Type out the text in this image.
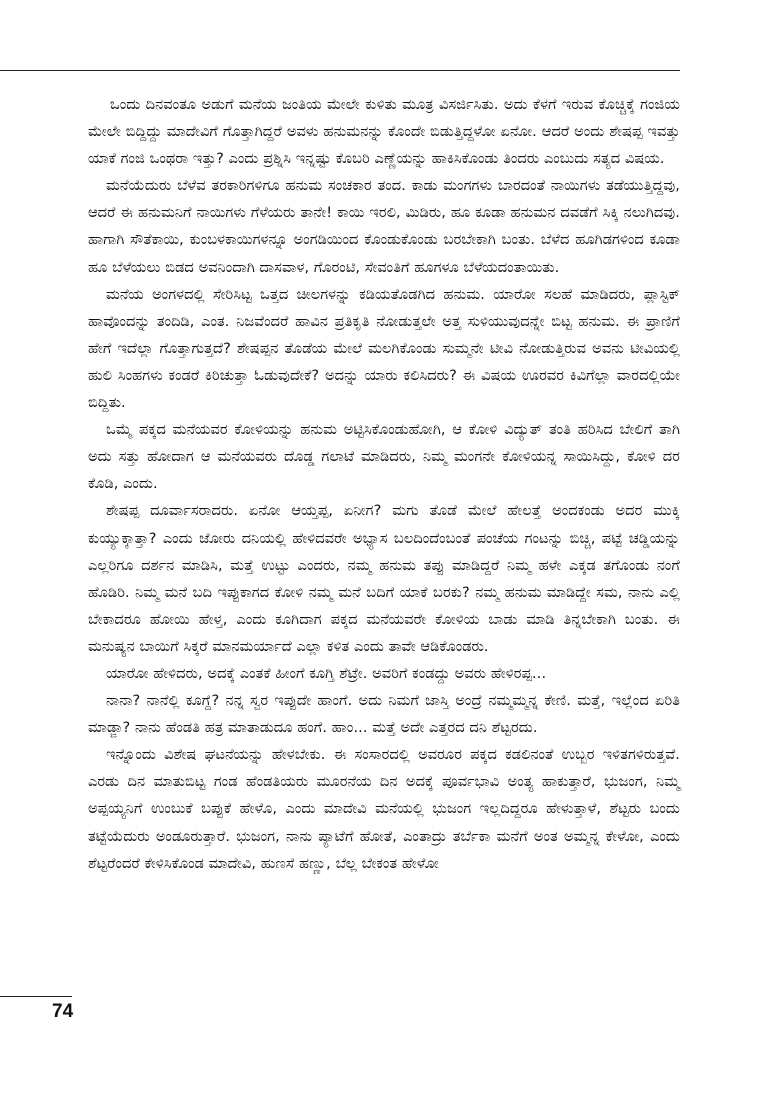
ಒಂದು ದಿನವಂತೂ ಅಡುಗೆ ಮನೆಯ ಜಂತಿಯ ಮೇಲೇ ಕುಳಿತು ಮೂತ್ರ ವಿಸರ್ಜಿಸಿತು. ಅದು ಕೆಳಗೆ ಇರುವ ಕೊಚ್ಚಿಕ್ಕೆ ಗಂಜಿಯ ಮೇಲೇ ಬಿದ್ದಿದ್ದು ಮಾದೇವಿಗೆ ಗೊತ್ತಾಗಿದ್ದರೆ ಅವಳು ಹನುಮನನ್ನು ಕೊಂದೇ ಬಿಡುತ್ತಿದ್ದಳೋ ಏನೋ. ಆದರೆ ಅಂದು ಶೇಷಪ್ಪ ಇವತ್ತು ಯಾಕೆ ಗಂಜಿ ಒಂಥರಾ ಇತ್ತು? ಎಂದು ಪ್ರಶ್ನಿಸಿ ಇನ್ನಷ್ಟು ಕೊಬರಿ ಎಣ್ಣೆಯನ್ನು ಹಾಕಿಸಿಕೊಂಡು ತಿಂದರು ಎಂಬುದು ಸತ್ಯದ ವಿಷಯ.

ಮನೆಯೆದುರು ಬೆಳೆವ ತರಕಾರಿಗಳಿಗೂ ಹನುಮ ಸಂಚಕಾರ ತಂದ. ಕಾಡು ಮಂಗಗಳು ಬಾರದಂತೆ ನಾಯಿಗಳು ತಡೆಯುತ್ತಿದ್ದವು, ಆದರೆ ಈ ಹನುಮನಿಗೆ ನಾಯಿಗಳು ಗೆಳೆಯರು ತಾನೇ! ಕಾಯಿ ಇರಲಿ, ಮಿಡಿರು, ಹೂ ಕೂಡಾ ಹನುಮನ ದವಡೆಗೆ ಸಿಕ್ಕಿ ನಲುಗಿದವು. ಹಾಗಾಗಿ ಸೌತೆಕಾಯಿ, ಕುಂಬಳಕಾಯಿಗಳನ್ನೂ ಅಂಗಡಿಯಿಂದ ಕೊಂಡುಕೊಂಡು ಬರಬೇಕಾಗಿ ಬಂತು. ಬೆಳೆದ ಹೂಗಿಡಗಳಿಂದ ಕೂಡಾ ಹೂ ಬೆಳೆಯಲು ಬಿಡದ ಅವನಿಂದಾಗಿ ದಾಸವಾಳ, ಗೊರಂಟಿ, ಸೇವಂತಿಗೆ ಹೂಗಳೂ ಬೆಳೆಯದಂತಾಯಿತು.

ಮನೆಯ ಅಂಗಳದಲ್ಲಿ ಸೇರಿಸಿಟ್ಟ ಒತ್ತದ ಚೀಲಗಳನ್ನು ಕಡಿಯತೊಡಗಿದ ಹನುಮ. ಯಾರೋ ಸಲಹೆ ಮಾಡಿದರು, ಪ್ಲಾಸ್ಟಿಕ್ ಹಾವೊಂದನ್ನು ತಂದಿಡಿ, ಎಂತ. ನಿಜವೆಂದರೆ ಹಾವಿನ ಪ್ರತಿಕೃತಿ ನೋಡುತ್ತಲೇ ಅತ್ತ ಸುಳಿಯುವುದನ್ನೇ ಬಿಟ್ಟ ಹನುಮ. ಈ ಪ್ರಾಣಿಗೆ ಹೇಗೆ ಇದೆಲ್ಲಾ ಗೊತ್ತಾಗುತ್ತದೆ? ಶೇಷಪ್ಪನ ತೊಡೆಯ ಮೇಲೆ ಮಲಗಿಕೊಂಡು ಸುಮ್ಮನೇ ಟೀವಿ ನೋಡುತ್ತಿರುವ ಅವನು ಟೀವಿಯಲ್ಲಿ ಹುಲಿ ಸಿಂಹಗಳು ಕಂಡರೆ ಕಿರಿಚುತ್ತಾ ಓಡುವುದೇಕೆ? ಅದನ್ನು ಯಾರು ಕಲಿಸಿದರು? ಈ ವಿಷಯ ಊರವರ ಕಿವಿಗೆಲ್ಲಾ ವಾರದಲ್ಲಿಯೇ ಬಿದ್ದಿತು.

ಒಮ್ಮೆ ಪಕ್ಕದ ಮನೆಯವರ ಕೋಳಿಯನ್ನು ಹನುಮ ಅಟ್ಟಿಸಿಕೊಂಡುಹೋಗಿ, ಆ ಕೋಳಿ ವಿದ್ಯುತ್ ತಂತಿ ಹರಿಸಿದ ಬೇಲಿಗೆ ತಾಗಿ ಅದು ಸತ್ತು ಹೋದಾಗ ಆ ಮನೆಯವರು ದೊಡ್ಡ ಗಲಾಟೆ ಮಾಡಿದರು, ನಿಮ್ಮ ಮಂಗನೇ ಕೋಳಿಯನ್ನ ಸಾಯಿಸಿದ್ದು, ಕೋಳಿ ದರ ಕೊಡಿ, ಎಂದು.

ಶೇಷಪ್ಪ ದೂರ್ವಾಸರಾದರು. ಏನೋ ಆಯ್ತಪ್ಪ, ಏನೀಗ? ಮಗು ತೊಡೆ ಮೇಲೆ ಹೇಲತ್ತೆ ಅಂದಕಂಡು ಅದರ ಮುಕ್ಕಿ ಕುಯ್ಯುಕ್ಕಾತ್ತಾ? ಎಂದು ಜೋರು ದನಿಯಲ್ಲಿ ಹೇಳಿದವರೇ ಅಭ್ಯಾಸ ಬಲದಿಂದೆಂಬಂತೆ ಪಂಚೆಯ ಗಂಟನ್ನು ಬಿಚ್ಚಿ, ಪಟ್ಟೆ ಚಡ್ಡಿಯನ್ನು ಎಲ್ಲರಿಗೂ ದರ್ಶನ ಮಾಡಿಸಿ, ಮತ್ತೆ ಉಟ್ಟು ಎಂದರು, ನಮ್ಮ ಹನುಮ ತಪ್ಪು ಮಾಡಿದ್ದರೆ ನಿಮ್ಮ ಹಳೇ ಎಕ್ಕಡ ತಗೊಂಡು ನಂಗೆ ಹೊಡಿರಿ. ನಿಮ್ಮ ಮನೆ ಬದಿ ಇಪ್ಪುಕಾಗದ ಕೋಳಿ ನಮ್ಮ ಮನೆ ಬದಿಗೆ ಯಾಕೆ ಬರಕು? ನಮ್ಮ ಹನುಮ ಮಾಡಿದ್ದೇ ಸಮ, ನಾನು ಎಲ್ಲಿ ಬೇಕಾದರೂ ಹೋಯಿ ಹೇಳ್ತ, ಎಂದು ಕೂಗಿದಾಗ ಪಕ್ಕದ ಮನೆಯವರೇ ಕೋಳಿಯ ಬಾಡು ಮಾಡಿ ತಿನ್ನಬೇಕಾಗಿ ಬಂತು. ಈ ಮನುಷ್ಯನ ಬಾಯಿಗೆ ಸಿಕ್ಕರೆ ಮಾನಮರ್ಯಾದೆ ಎಲ್ಲಾ ಕಳಿತ ಎಂದು ತಾವೇ ಆಡಿಕೊಂಡರು.

ಯಾರೋ ಹೇಳಿದರು, ಅದಕ್ಕೆ ಎಂತಕೆ ಹೀಂಗೆ ಕೂಗ್ತಿ ಶೆಟ್ರೇ. ಅವರಿಗೆ ಕಂಡದ್ದು ಅವರು ಹೇಳಿರಪ್ಪ...

ನಾನಾ? ನಾನೆಲ್ಲಿ ಕೂಗ್ದೆ? ನನ್ನ ಸ್ವರ ಇಪ್ಪುದೇ ಹಾಂಗೆ. ಅದು ನಿಮಗೆ ಜಾಸ್ತಿ ಅಂದ್ರೆ ನಮ್ಮಮ್ಮನ್ನ ಕೇಣಿ. ಮತ್ತೆ, ಇಲ್ಲೆಂದ ಏರಿತಿ ಮಾಡ್ಜಾ? ನಾನು ಹೆಂಡತಿ ಹತ್ರ ಮಾತಾಡುದೂ ಹಂಗೆ. ಹಾಂ... ಮತ್ತೆ ಅದೇ ಎತ್ತರದ ದನಿ ಶೆಟ್ಟರದು.

ಇನ್ನೊಂದು ವಿಶೇಷ ಘಟನೆಯನ್ನು ಹೇಳಬೇಕು. ಈ ಸಂಸಾರದಲ್ಲಿ ಅವರೂರ ಪಕ್ಕದ ಕಡಲಿನಂತೆ ಉಬ್ಬರ ಇಳಿತಗಳಿರುತ್ತವೆ. ಎರಡು ದಿನ ಮಾತುಬಿಟ್ಟ ಗಂಡ ಹೆಂಡತಿಯರು ಮೂರನೆಯ ದಿನ ಅದಕ್ಕೆ ಪೂರ್ವಭಾವಿ ಅಂತ್ಯ ಹಾಕುತ್ತಾರೆ, ಭುಜಂಗ, ನಿಮ್ಮ ಅಪ್ಪಯ್ಯನಿಗೆ ಉಂಬುಕೆ ಬಪ್ಪುಕೆ ಹೇಳೊ, ಎಂದು ಮಾದೇವಿ ಮನೆಯಲ್ಲಿ ಭುಜಂಗ ಇಲ್ಲದಿದ್ದರೂ ಹೇಳುತ್ತಾಳೆ, ಶೆಟ್ಟರು ಬಂದು ತಟ್ಟೆಯೆದುರು ಅಂಡೂರುತ್ತಾರೆ. ಭುಜಂಗ, ನಾನು ಪ್ಯಾಟೆಗೆ ಹೋತೆ, ಎಂತಾದ್ರು ತರ್ಬೆಕಾ ಮನೆಗೆ ಅಂತ ಅಮ್ಮನ್ನ ಕೇಳೋ, ಎಂದು ಶೆಟ್ಟರೆಂದರೆ ಕೇಳಿಸಿಕೊಂಡ ಮಾದೇವಿ, ಹುಣಸೆ ಹಣ್ಣು, ಬೆಲ್ಲ ಬೇಕಂತ ಹೇಳೋ

74
